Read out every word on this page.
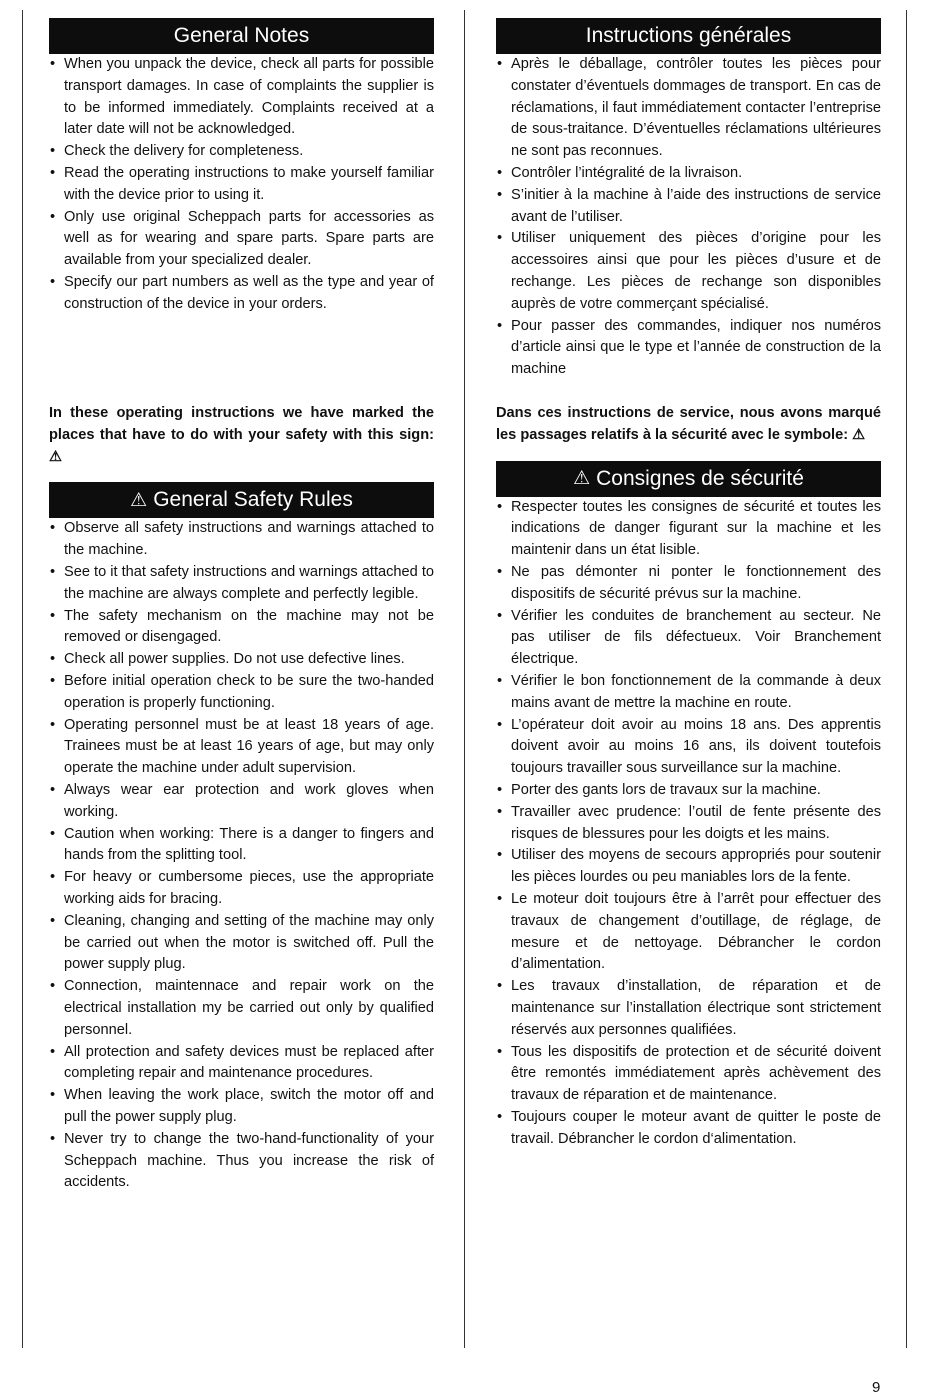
General Notes
• When you unpack the device, check all parts for possible transport damages. In case of complaints the supplier is to be informed immediately. Complaints received at a later date will not be acknowledged.
• Check the delivery for completeness.
• Read the operating instructions to make yourself familiar with the device prior to using it.
• Only use original Scheppach parts for accessories as well as for wearing and spare parts. Spare parts are available from your specialized dealer.
• Specify our part numbers as well as the type and year of construction of the device in your orders.
In these operating instructions we have marked the places that have to do with your safety with this sign: ⚠
⚠ General Safety Rules
• Observe all safety instructions and warnings attached to the machine.
• See to it that safety instructions and warnings attached to the machine are always complete and perfectly legible.
• The safety mechanism on the machine may not be removed or disengaged.
• Check all power supplies. Do not use defective lines.
• Before initial operation check to be sure the two-handed operation is properly functioning.
• Operating personnel must be at least 18 years of age. Trainees must be at least 16 years of age, but may only operate the machine under adult supervision.
• Always wear ear protection and work gloves when working.
• Caution when working: There is a danger to fingers and hands from the splitting tool.
• For heavy or cumbersome pieces, use the appropriate working aids for bracing.
• Cleaning, changing and setting of the machine may only be carried out when the motor is switched off. Pull the power supply plug.
• Connection, maintennace and repair work on the electrical installation my be carried out only by qualified personnel.
• All protection and safety devices must be replaced after completing repair and maintenance procedures.
• When leaving the work place, switch the motor off and pull the power supply plug.
• Never try to change the two-hand-functionality of your Scheppach machine. Thus you increase the risk of accidents.
Instructions générales
• Après le déballage, contrôler toutes les pièces pour constater d’éventuels dommages de transport. En cas de réclamations, il faut immédiatement contacter l’entreprise de sous-traitance. D’éventuelles réclamations ultérieures ne sont pas reconnues.
• Contrôler l’intégralité de la livraison.
• S’initier à la machine à l’aide des instructions de service avant de l’utiliser.
• Utiliser uniquement des pièces d’origine pour les accessoires ainsi que pour les pièces d’usure et de rechange. Les pièces de rechange son disponibles auprès de votre commerçant spécialisé.
• Pour passer des commandes, indiquer nos numéros d’article ainsi que le type et l’année de construction de la machine
Dans ces instructions de service, nous avons marqué les passages relatifs à la sécurité avec le symbole: ⚠
⚠ Consignes de sécurité
• Respecter toutes les consignes de sécurité et toutes les indications de danger figurant sur la machine et les maintenir dans un état lisible.
• Ne pas démonter ni ponter le fonctionnement des dispositifs de sécurité prévus sur la machine.
• Vérifier les conduites de branchement au secteur. Ne pas utiliser de fils défectueux. Voir Branchement électrique.
• Vérifier le bon fonctionnement de la commande à deux mains avant de mettre la machine en route.
• L’opérateur doit avoir au moins 18 ans. Des apprentis doivent avoir au moins 16 ans, ils doivent toutefois toujours travailler sous surveillance sur la machine.
• Porter des gants lors de travaux sur la machine.
• Travailler avec prudence: l’outil de fente présente des risques de blessures pour les doigts et les mains.
• Utiliser des moyens de secours appropriés pour soutenir les pièces lourdes ou peu maniables lors de la fente.
• Le moteur doit toujours être à l’arrêt pour effectuer des travaux de changement d’outillage, de réglage, de mesure et de nettoyage. Débrancher le cordon d’alimentation.
• Les travaux d’installation, de réparation et de maintenance sur l’installation électrique sont strictement réservés aux personnes qualifiées.
• Tous les dispositifs de protection et de sécurité doivent être remontés immédiatement après achèvement des travaux de réparation et de maintenance.
• Toujours couper le moteur avant de quitter le poste de travail. Débrancher le cordon d‘alimentation.
9
